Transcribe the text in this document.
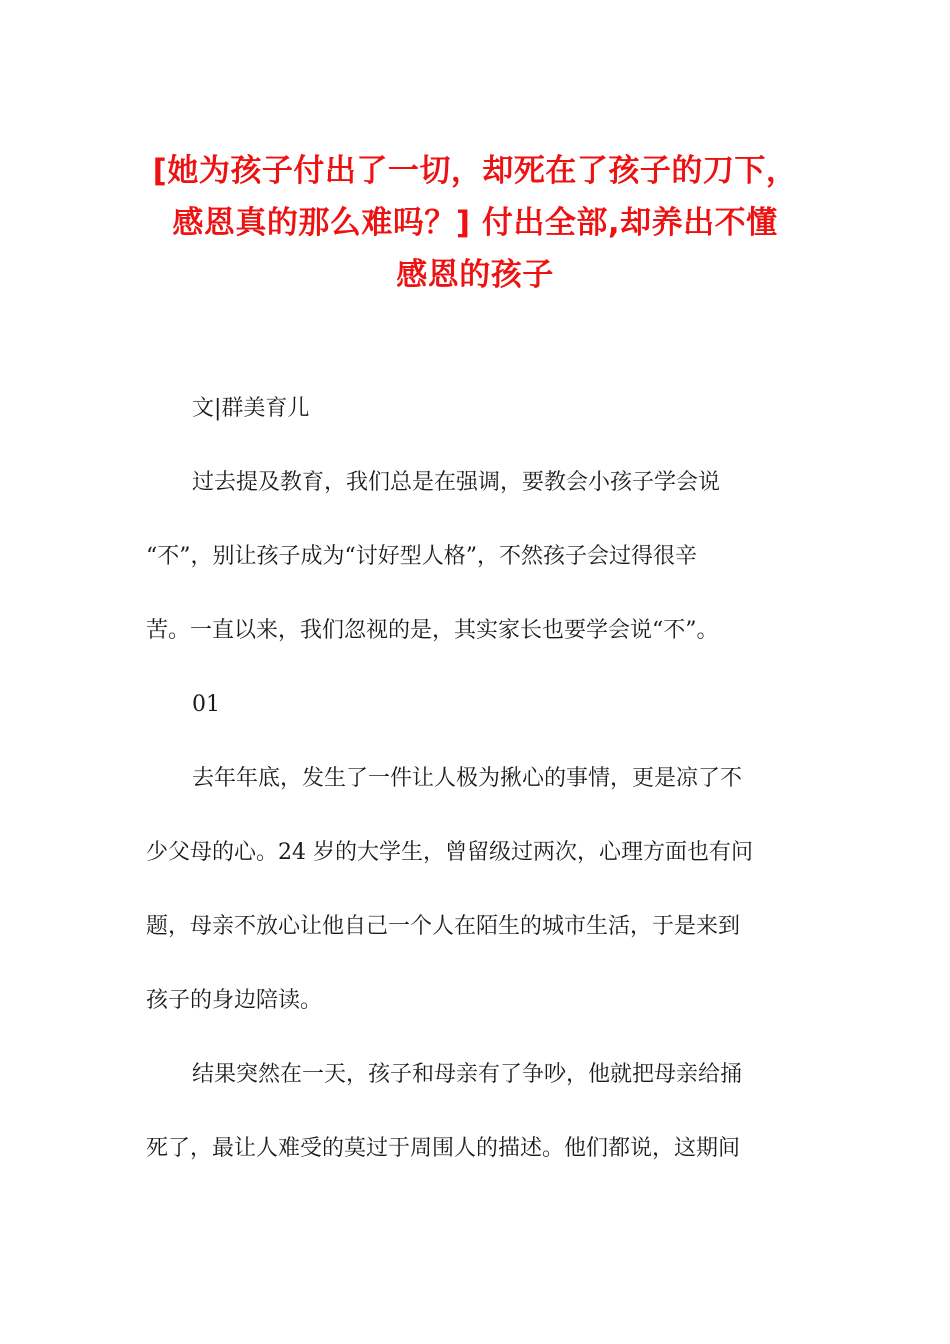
[她为孩子付出了一切，却死在了孩子的刀下，
感恩真的那么难吗？] 付出全部,却养出不懂
感恩的孩子
文|群美育儿
过去提及教育，我们总是在强调，要教会小孩子学会说
“不”，别让孩子成为“讨好型人格”，不然孩子会过得很辛
苦。一直以来，我们忽视的是，其实家长也要学会说“不”。
01
去年年底，发生了一件让人极为揪心的事情，更是凉了不
少父母的心。24 岁的大学生，曾留级过两次，心理方面也有问
题，母亲不放心让他自己一个人在陌生的城市生活，于是来到
孩子的身边陪读。
结果突然在一天，孩子和母亲有了争吵，他就把母亲给捅
死了，最让人难受的莫过于周围人的描述。他们都说，这期间
